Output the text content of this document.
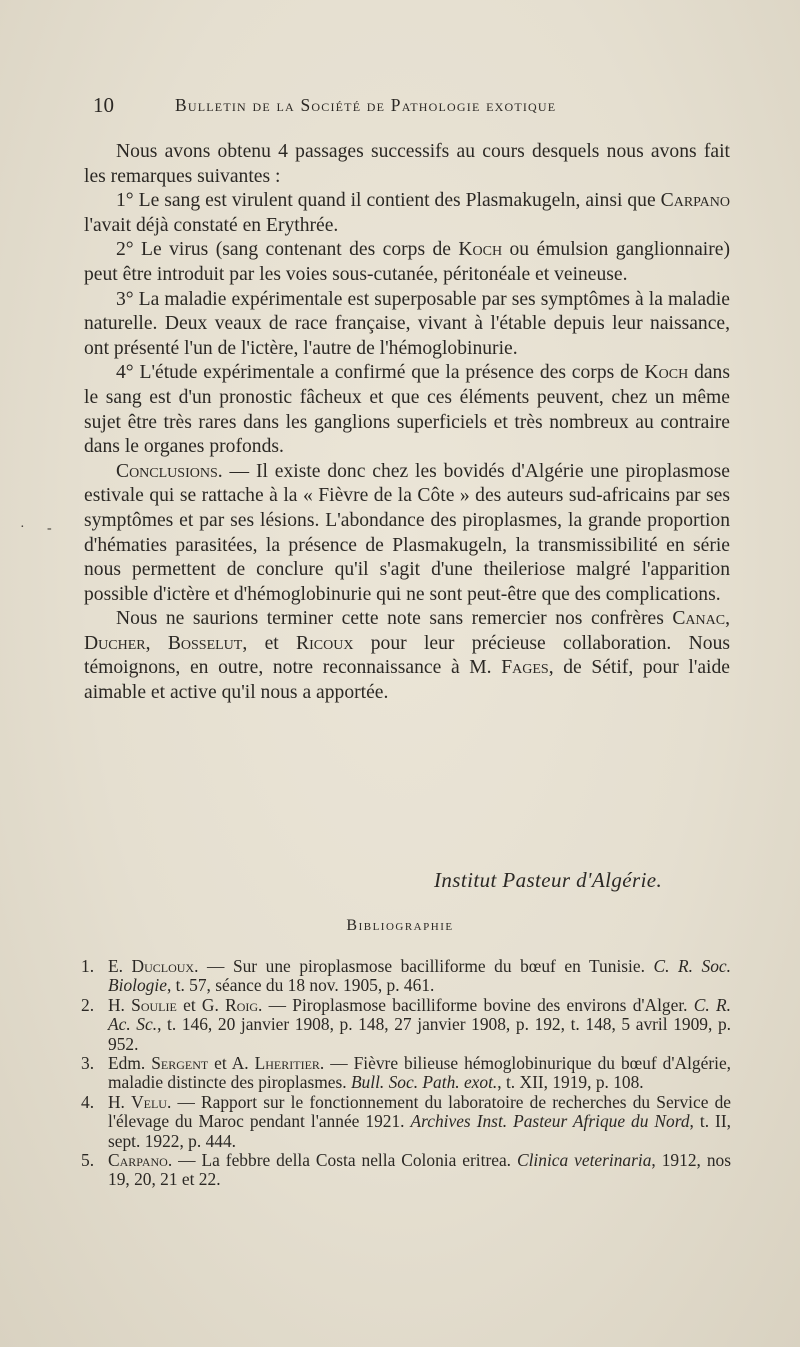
10	Bulletin de la Société de Pathologie exotique

Nous avons obtenu 4 passages successifs au cours desquels nous avons fait les remarques suivantes :

1° Le sang est virulent quand il contient des Plasmakugeln, ainsi que Carpano l'avait déjà constaté en Erythrée.

2° Le virus (sang contenant des corps de Koch ou émulsion ganglionnaire) peut être introduit par les voies sous-cutanée, péritonéale et veineuse.

3° La maladie expérimentale est superposable par ses symptômes à la maladie naturelle. Deux veaux de race française, vivant à l'étable depuis leur naissance, ont présenté l'un de l'ictère, l'autre de l'hémoglobinurie.

4° L'étude expérimentale a confirmé que la présence des corps de Koch dans le sang est d'un pronostic fâcheux et que ces éléments peuvent, chez un même sujet être très rares dans les ganglions superficiels et très nombreux au contraire dans le organes profonds.

Conclusions. — Il existe donc chez les bovidés d'Algérie une piroplasmose estivale qui se rattache à la « Fièvre de la Côte » des auteurs sud-africains par ses symptômes et par ses lésions. L'abondance des piroplasmes, la grande proportion d'hématies parasitées, la présence de Plasmakugeln, la transmissibilité en série nous permettent de conclure qu'il s'agit d'une theileriose malgré l'apparition possible d'ictère et d'hémoglobinurie qui ne sont peut-être que des complications.

Nous ne saurions terminer cette note sans remercier nos confrères Canac, Ducher, Bosselut, et Ricoux pour leur précieuse collaboration. Nous témoignons, en outre, notre reconnaissance à M. Fages, de Sétif, pour l'aide aimable et active qu'il nous a apportée.

Institut Pasteur d'Algérie.
Bibliographie
1. E. Ducloux. — Sur une piroplasmose bacilliforme du bœuf en Tunisie. C. R. Soc. Biologie, t. 57, séance du 18 nov. 1905, p. 461.
2. H. Soulie et G. Roig. — Piroplasmose bacilliforme bovine des environs d'Alger. C. R. Ac. Sc., t. 146, 20 janvier 1908, p. 148, 27 janvier 1908, p. 192, t. 148, 5 avril 1909, p. 952.
3. Edm. Sergent et A. Lheritier. — Fièvre bilieuse hémoglobinurique du bœuf d'Algérie, maladie distincte des piroplasmes. Bull. Soc. Path. exot., t. XII, 1919, p. 108.
4. H. Velu. — Rapport sur le fonctionnement du laboratoire de recherches du Service de l'élevage du Maroc pendant l'année 1921. Archives Inst. Pasteur Afrique du Nord, t. II, sept. 1922, p. 444.
5. Carpano. — La febbre della Costa nella Colonia eritrea. Clinica veterinaria, 1912, nos 19, 20, 21 et 22.
· -
